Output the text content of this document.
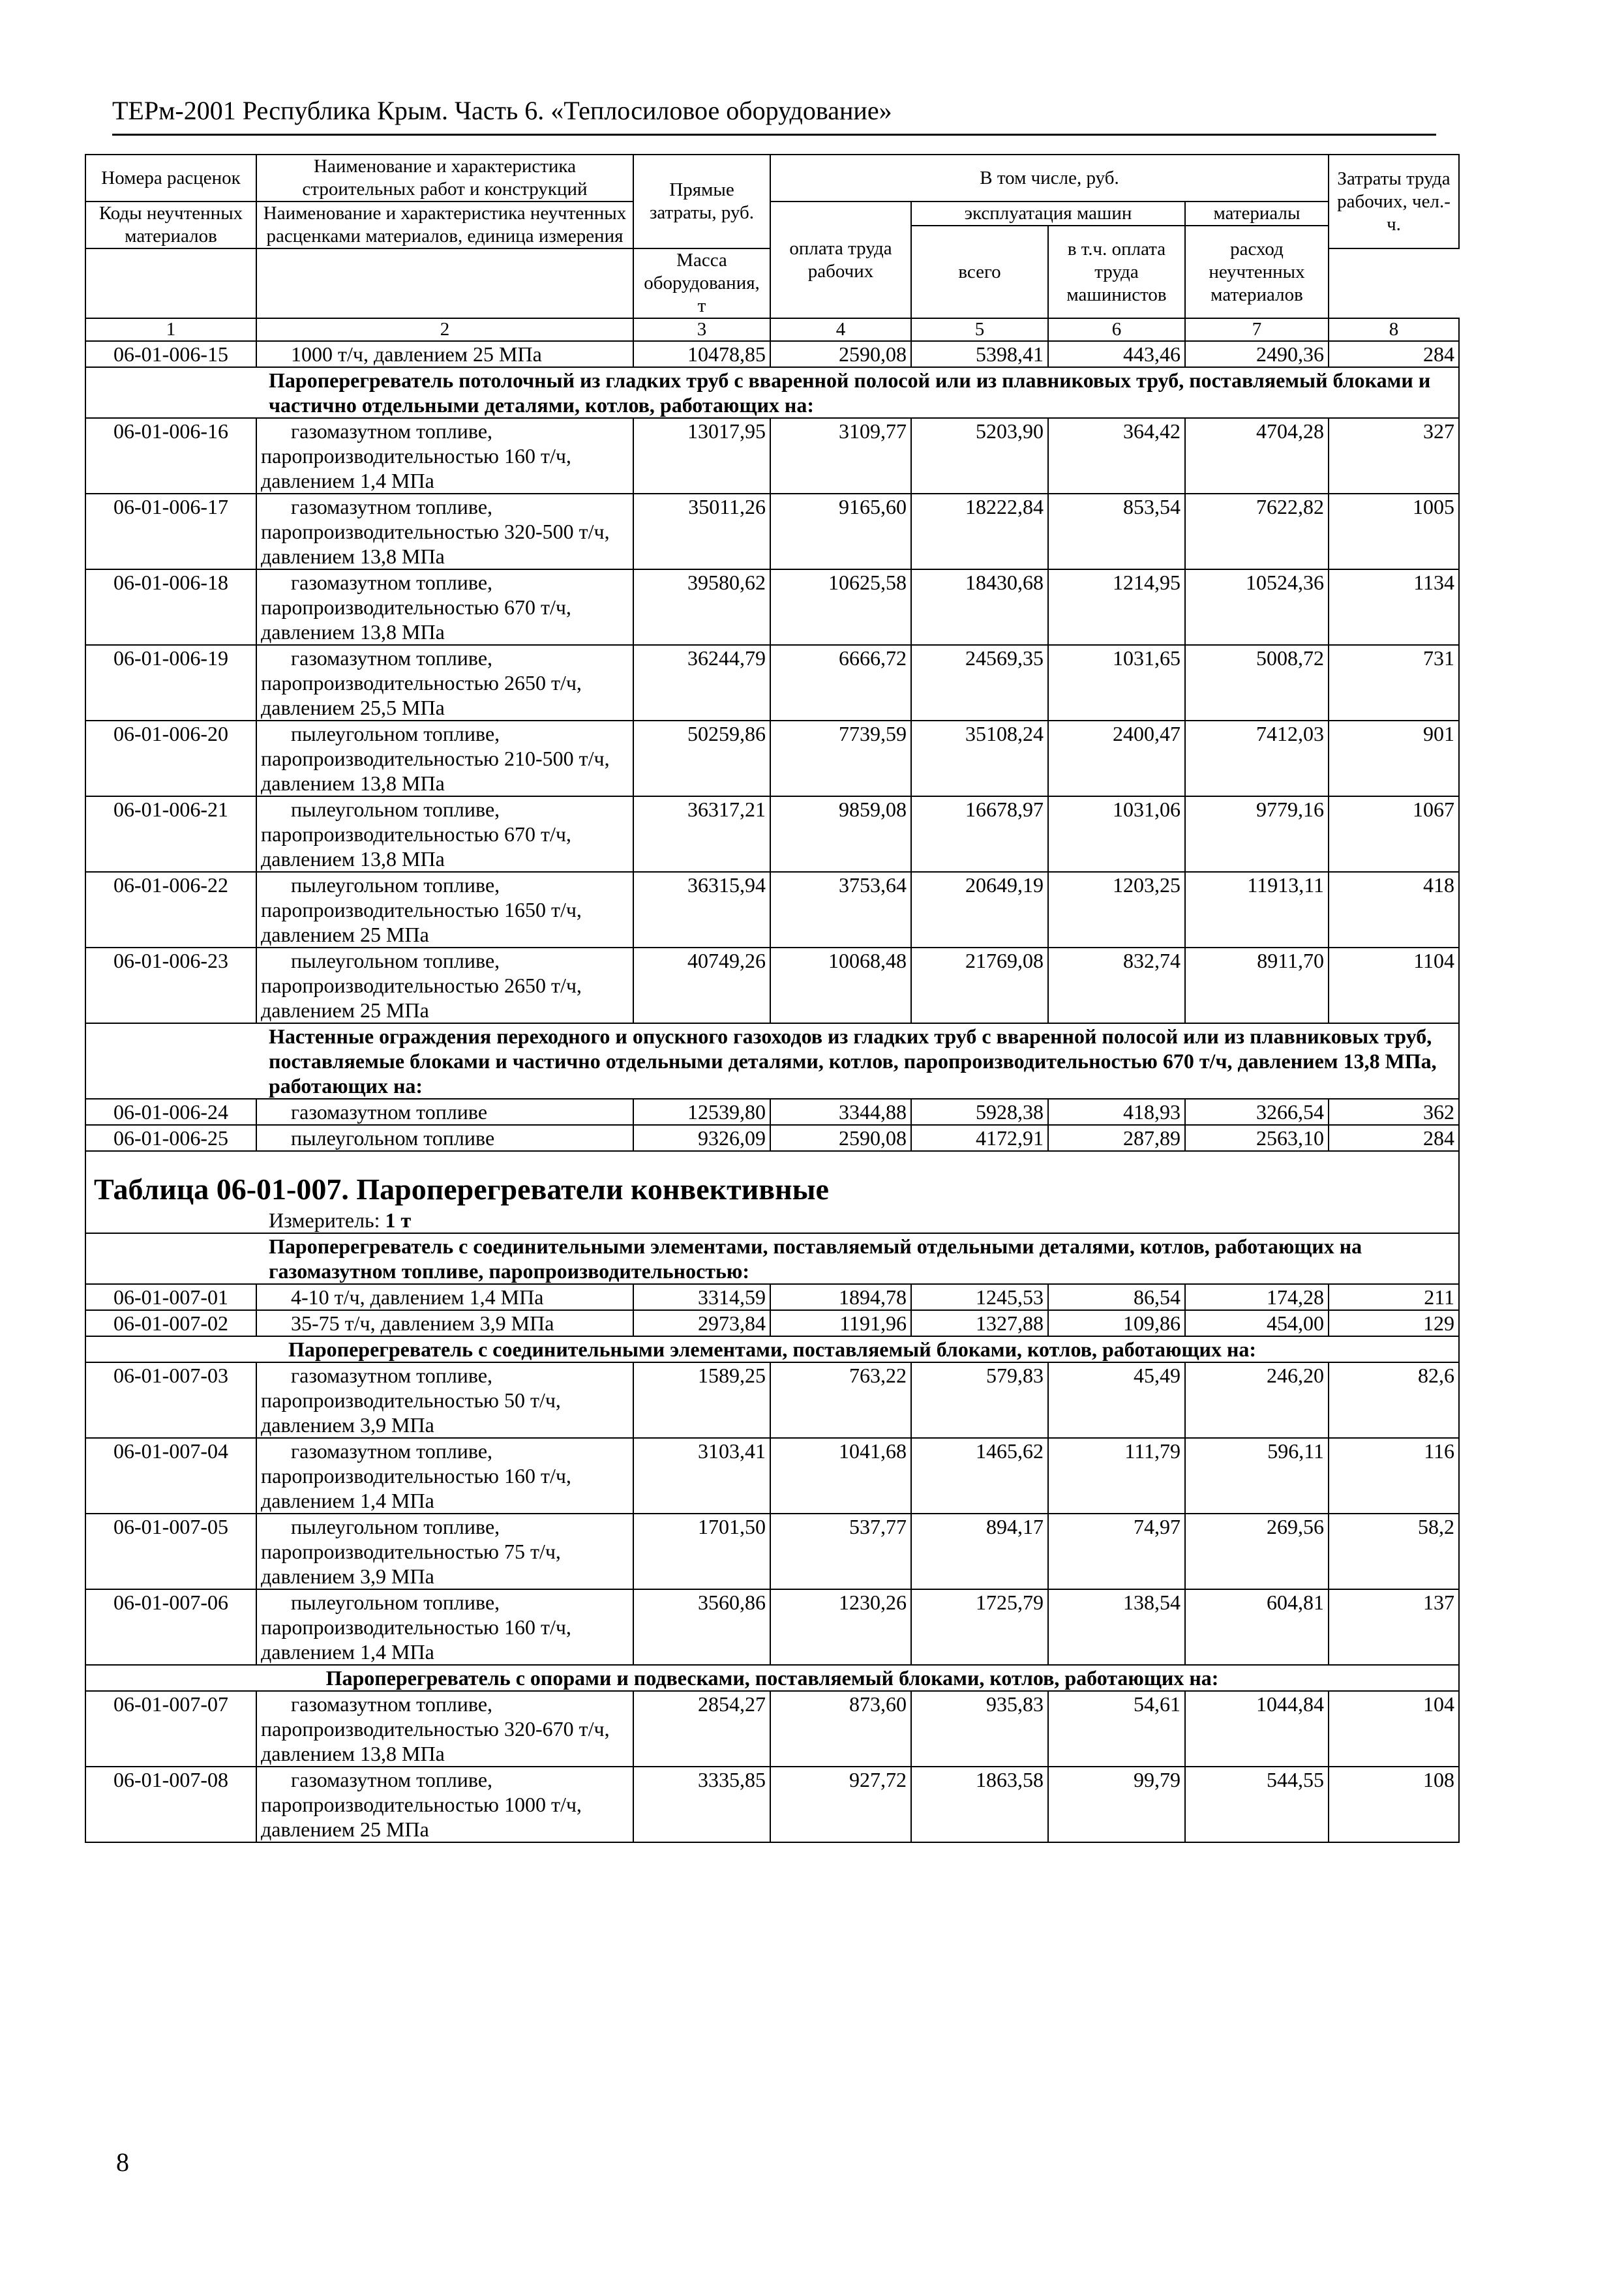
ТЕРм-2001 Республика Крым. Часть 6. «Теплосиловое оборудование»
Номера расценок	Наименование и характеристика строительных работ и конструкций	Прямые затраты, руб.	В том числе, руб.				Затраты труда рабочих, чел.-ч.
Коды неучтенных материалов	Наименование и характеристика неучтенных расценками материалов, единица измерения		оплата труда рабочих	эксплуатация машин		материалы	
				всего	в т.ч. оплата труда машинистов	расход неучтенных материалов	
		Масса оборудования, т					
1	2	3	4	5	6	7	8
06-01-006-15	1000 т/ч, давлением 25 МПа	10478,85	2590,08	5398,41	443,46	2490,36	284
Пароперегреватель потолочный из гладких труб с вваренной полосой или из плавниковых труб, поставляемый блоками и частично отдельными деталями, котлов, работающих на:							
06-01-006-16	газомазутном топливе, паропроизводительностью 160 т/ч, давлением 1,4 МПа	13017,95	3109,77	5203,90	364,42	4704,28	327
06-01-006-17	газомазутном топливе, паропроизводительностью 320-500 т/ч, давлением 13,8 МПа	35011,26	9165,60	18222,84	853,54	7622,82	1005
06-01-006-18	газомазутном топливе, паропроизводительностью 670 т/ч, давлением 13,8 МПа	39580,62	10625,58	18430,68	1214,95	10524,36	1134
06-01-006-19	газомазутном топливе, паропроизводительностью 2650 т/ч, давлением 25,5 МПа	36244,79	6666,72	24569,35	1031,65	5008,72	731
06-01-006-20	пылеугольном топливе, паропроизводительностью 210-500 т/ч, давлением 13,8 МПа	50259,86	7739,59	35108,24	2400,47	7412,03	901
06-01-006-21	пылеугольном топливе, паропроизводительностью 670 т/ч, давлением 13,8 МПа	36317,21	9859,08	16678,97	1031,06	9779,16	1067
06-01-006-22	пылеугольном топливе, паропроизводительностью 1650 т/ч, давлением 25 МПа	36315,94	3753,64	20649,19	1203,25	11913,11	418
06-01-006-23	пылеугольном топливе, паропроизводительностью 2650 т/ч, давлением 25 МПа	40749,26	10068,48	21769,08	832,74	8911,70	1104
Настенные ограждения переходного и опускного газоходов из гладких труб с вваренной полосой или из плавниковых труб, поставляемые блоками и частично отдельными деталями, котлов, паропроизводительностью 670 т/ч, давлением 13,8 МПа, работающих на:							
06-01-006-24	газомазутном топливе	12539,80	3344,88	5928,38	418,93	3266,54	362
06-01-006-25	пылеугольном топливе	9326,09	2590,08	4172,91	287,89	2563,10	284
Таблица 06-01-007. Пароперегреватели конвективные							
Измеритель: 1 т							
Пароперегреватель с соединительными элементами, поставляемый отдельными деталями, котлов, работающих на газомазутном топливе, паропроизводительностью:							
06-01-007-01	4-10 т/ч, давлением 1,4 МПа	3314,59	1894,78	1245,53	86,54	174,28	211
06-01-007-02	35-75 т/ч, давлением 3,9 МПа	2973,84	1191,96	1327,88	109,86	454,00	129
Пароперегреватель с соединительными элементами, поставляемый блоками, котлов, работающих на:							
06-01-007-03	газомазутном топливе, паропроизводительностью 50 т/ч, давлением 3,9 МПа	1589,25	763,22	579,83	45,49	246,20	82,6
06-01-007-04	газомазутном топливе, паропроизводительностью 160 т/ч, давлением 1,4 МПа	3103,41	1041,68	1465,62	111,79	596,11	116
06-01-007-05	пылеугольном топливе, паропроизводительностью 75 т/ч, давлением 3,9 МПа	1701,50	537,77	894,17	74,97	269,56	58,2
06-01-007-06	пылеугольном топливе, паропроизводительностью 160 т/ч, давлением 1,4 МПа	3560,86	1230,26	1725,79	138,54	604,81	137
Пароперегреватель с опорами и подвесками, поставляемый блоками, котлов, работающих на:							
06-01-007-07	газомазутном топливе, паропроизводительностью 320-670 т/ч, давлением 13,8 МПа	2854,27	873,60	935,83	54,61	1044,84	104
06-01-007-08	газомазутном топливе, паропроизводительностью 1000 т/ч, давлением 25 МПа	3335,85	927,72	1863,58	99,79	544,55	108
8
